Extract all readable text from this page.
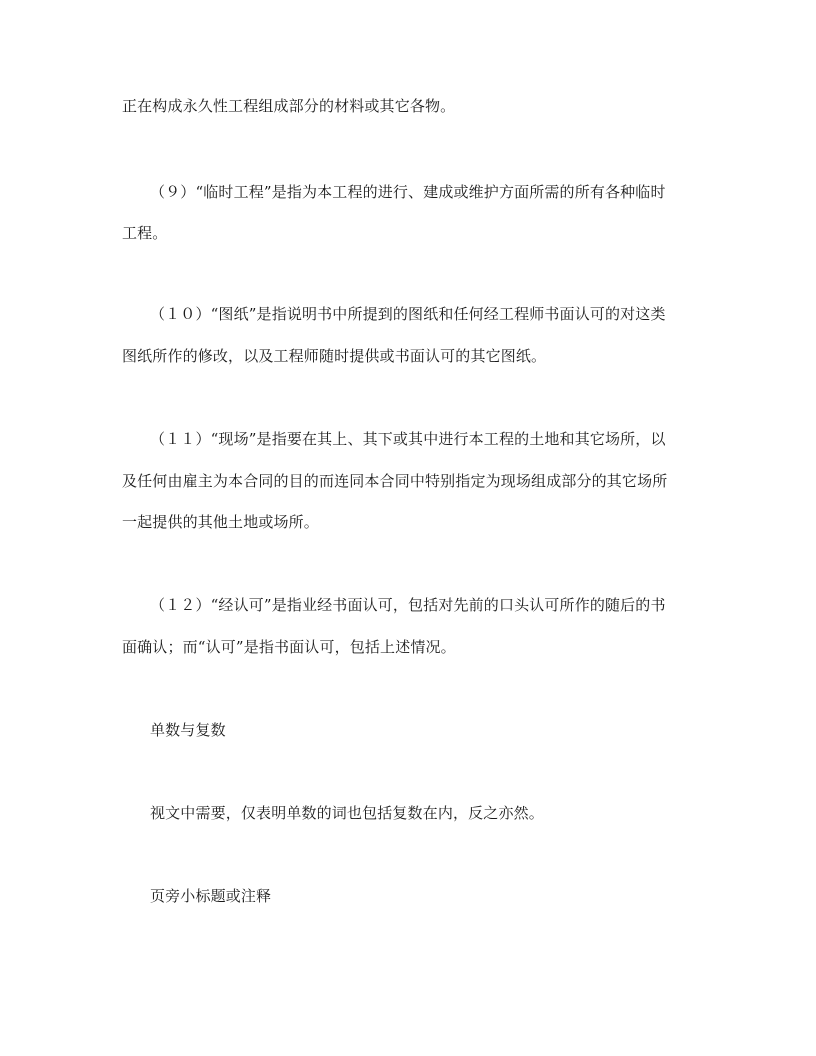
正在构成永久性工程组成部分的材料或其它各物。
（９）“临时工程”是指为本工程的进行、建成或维护方面所需的所有各种临时
工程。
（１０）“图纸”是指说明书中所提到的图纸和任何经工程师书面认可的对这类
图纸所作的修改，以及工程师随时提供或书面认可的其它图纸。
（１１）“现场”是指要在其上、其下或其中进行本工程的土地和其它场所，以
及任何由雇主为本合同的目的而连同本合同中特别指定为现场组成部分的其它场所
一起提供的其他土地或场所。
（１２）“经认可”是指业经书面认可，包括对先前的口头认可所作的随后的书
面确认；而“认可”是指书面认可，包括上述情况。
单数与复数
视文中需要，仅表明单数的词也包括复数在内，反之亦然。
页旁小标题或注释
